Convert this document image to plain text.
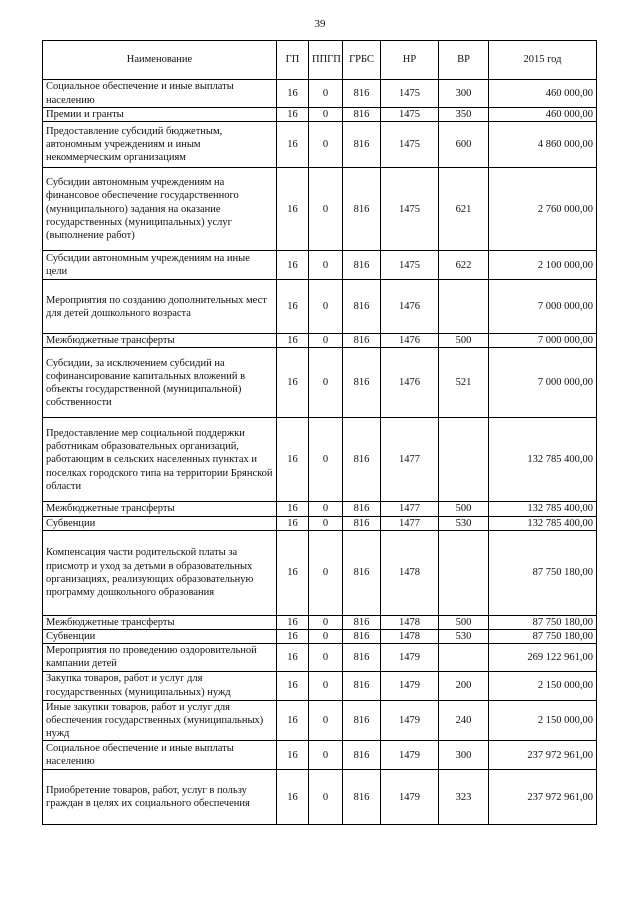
39
Наименование	ГП	ППГП	ГРБС	НР	ВР	2015 год
Социальное обеспечение и иные выплаты населению	16	0	816	1475	300	460 000,00
Премии и гранты	16	0	816	1475	350	460 000,00
Предоставление субсидий бюджетным, автономным учреждениям и иным некоммерческим организациям	16	0	816	1475	600	4 860 000,00
Субсидии автономным учреждениям на финансовое обеспечение государственного (муниципального) задания на оказание государственных (муниципальных) услуг (выполнение работ)	16	0	816	1475	621	2 760 000,00
Субсидии автономным учреждениям на иные цели	16	0	816	1475	622	2 100 000,00
Мероприятия по созданию дополнительных мест для детей дошкольного возраста	16	0	816	1476		7 000 000,00
Межбюджетные трансферты	16	0	816	1476	500	7 000 000,00
Субсидии, за исключением субсидий на софинансирование капитальных вложений в объекты государственной (муниципальной) собственности	16	0	816	1476	521	7 000 000,00
Предоставление мер социальной поддержки работникам образовательных организаций, работающим в сельских населенных пунктах и поселках городского типа на территории Брянской области	16	0	816	1477		132 785 400,00
Межбюджетные трансферты	16	0	816	1477	500	132 785 400,00
Субвенции	16	0	816	1477	530	132 785 400,00
Компенсация части родительской платы за присмотр и уход за детьми в образовательных организациях, реализующих образовательную программу дошкольного образования	16	0	816	1478		87 750 180,00
Межбюджетные трансферты	16	0	816	1478	500	87 750 180,00
Субвенции	16	0	816	1478	530	87 750 180,00
Мероприятия по проведению оздоровительной кампании детей	16	0	816	1479		269 122 961,00
Закупка товаров, работ и услуг для государственных (муниципальных) нужд	16	0	816	1479	200	2 150 000,00
Иные закупки товаров, работ и услуг для обеспечения государственных (муниципальных) нужд	16	0	816	1479	240	2 150 000,00
Социальное обеспечение и иные выплаты населению	16	0	816	1479	300	237 972 961,00
Приобретение товаров, работ, услуг в пользу граждан в целях их социального обеспечения	16	0	816	1479	323	237 972 961,00
